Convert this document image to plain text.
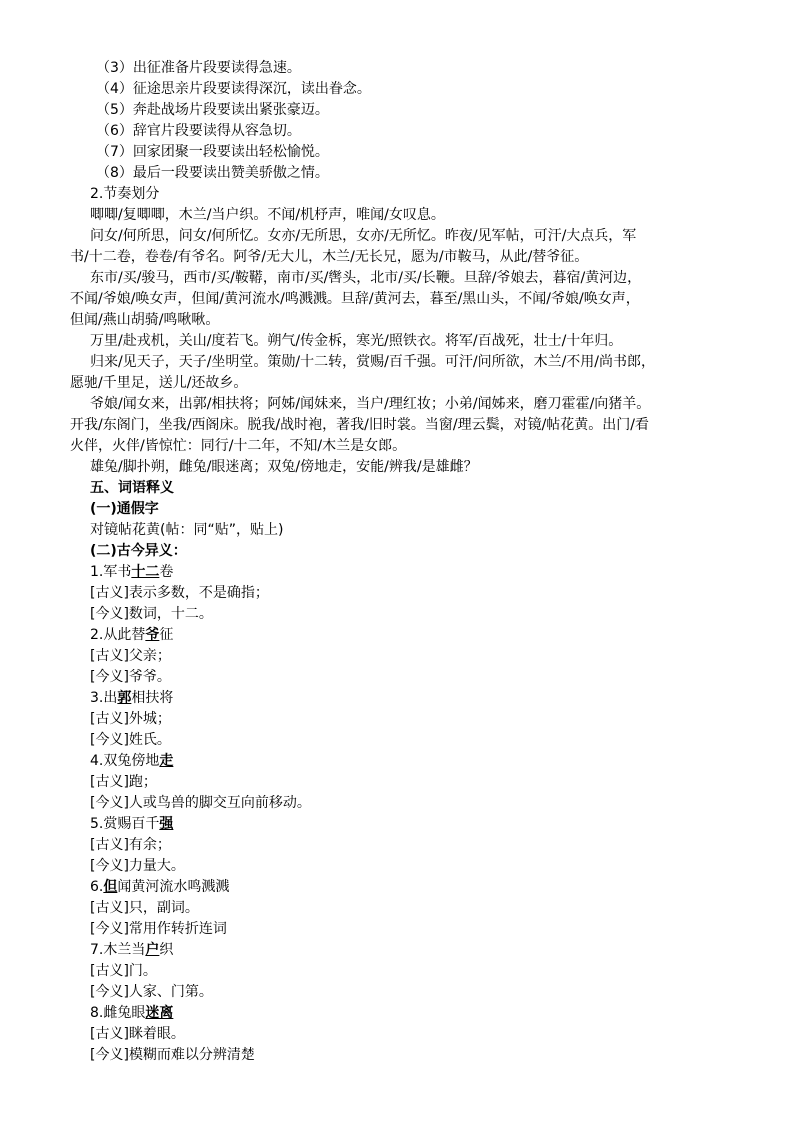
（3）出征准备片段要读得急速。

（4）征途思亲片段要读得深沉，读出眷念。

（5）奔赴战场片段要读出紧张豪迈。

（6）辞官片段要读得从容急切。

（7）回家团聚一段要读出轻松愉悦。

（8）最后一段要读出赞美骄傲之情。

2.节奏划分

唧唧/复唧唧，木兰/当户织。不闻/机杼声，唯闻/女叹息。

问女/何所思，问女/何所忆。女亦/无所思，女亦/无所忆。昨夜/见军帖，可汗/大点兵，军

书/十二卷，卷卷/有爷名。阿爷/无大儿，木兰/无长兄，愿为/市鞍马，从此/替爷征。

东市/买/骏马，西市/买/鞍鞯，南市/买/辔头，北市/买/长鞭。旦辞/爷娘去，暮宿/黄河边，

不闻/爷娘/唤女声，但闻/黄河流水/鸣溅溅。旦辞/黄河去，暮至/黑山头，不闻/爷娘/唤女声，

但闻/燕山胡骑/鸣啾啾。

万里/赴戎机，关山/度若飞。朔气/传金柝，寒光/照铁衣。将军/百战死，壮士/十年归。

归来/见天子，天子/坐明堂。策勋/十二转，赏赐/百千强。可汗/问所欲，木兰/不用/尚书郎，

愿驰/千里足，送儿/还故乡。

爷娘/闻女来，出郭/相扶将；阿姊/闻妹来，当户/理红妆；小弟/闻姊来，磨刀霍霍/向猪羊。

开我/东阁门，坐我/西阁床。脱我/战时袍，著我/旧时裳。当窗/理云鬓，对镜/帖花黄。出门/看

火伴，火伴/皆惊忙：同行/十二年，不知/木兰是女郎。

雄兔/脚扑朔，雌兔/眼迷离；双兔/傍地走，安能/辨我/是雄雌？

五、词语释义

(一)通假字

对镜帖花黄(帖：同“贴”，贴上)

(二)古今异义：

1.军书十二卷

[古义]表示多数，不是确指；

[今义]数词，十二。

2.从此替爷征

[古义]父亲；

[今义]爷爷。

3.出郭相扶将

[古义]外城；

[今义]姓氏。

4.双兔傍地走

[古义]跑；

[今义]人或鸟兽的脚交互向前移动。

5.赏赐百千强

[古义]有余；

[今义]力量大。

6.但闻黄河流水鸣溅溅

[古义]只，副词。

[今义]常用作转折连词

7.木兰当户织

[古义]门。

[今义]人家、门第。

8.雌兔眼迷离

[古义]眯着眼。

[今义]模糊而难以分辨清楚
